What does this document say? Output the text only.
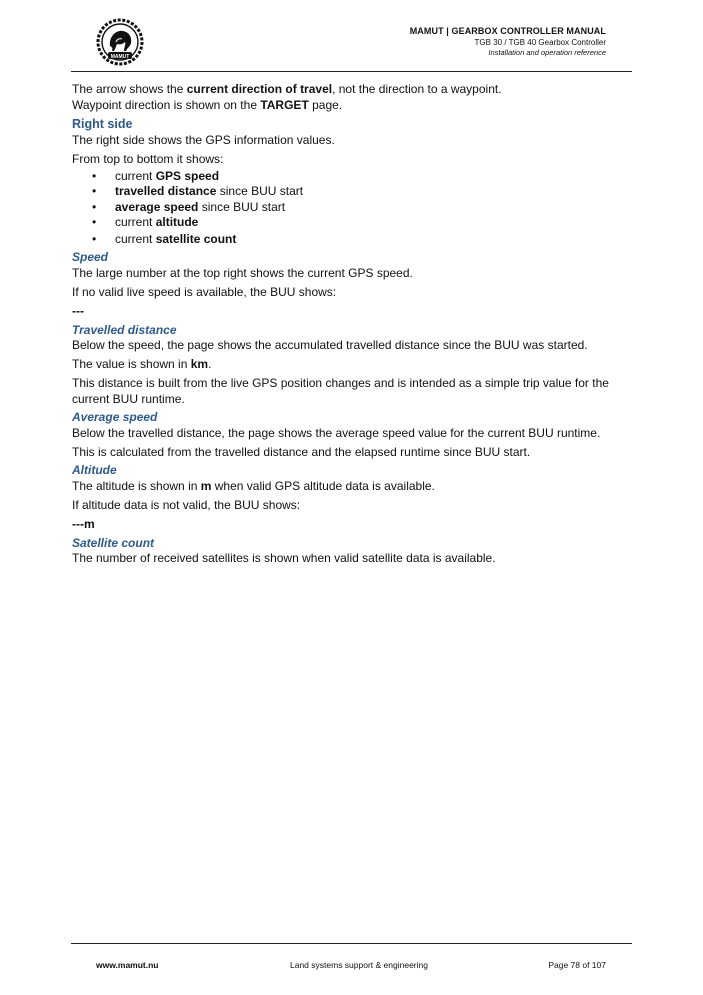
MAMUT
MAMUT | GEARBOX CONTROLLER MANUAL
TGB 30 / TGB 40 Gearbox Controller
Installation and operation reference

The arrow shows the current direction of travel, not the direction to a waypoint.

Waypoint direction is shown on the TARGET page.

Right side

The right side shows the GPS information values.

From top to bottom it shows:

• current GPS speed
• travelled distance since BUU start
• average speed since BUU start
• current altitude
• current satellite count

Speed

The large number at the top right shows the current GPS speed.

If no valid live speed is available, the BUU shows:

---

Travelled distance

Below the speed, the page shows the accumulated travelled distance since the BUU was started.

The value is shown in km.

This distance is built from the live GPS position changes and is intended as a simple trip value for the current BUU runtime.

Average speed

Below the travelled distance, the page shows the average speed value for the current BUU runtime.

This is calculated from the travelled distance and the elapsed runtime since BUU start.

Altitude

The altitude is shown in m when valid GPS altitude data is available.

If altitude data is not valid, the BUU shows:

---m

Satellite count

The number of received satellites is shown when valid satellite data is available.

www.mamut.nu	Land systems support & engineering	Page 78 of 107
